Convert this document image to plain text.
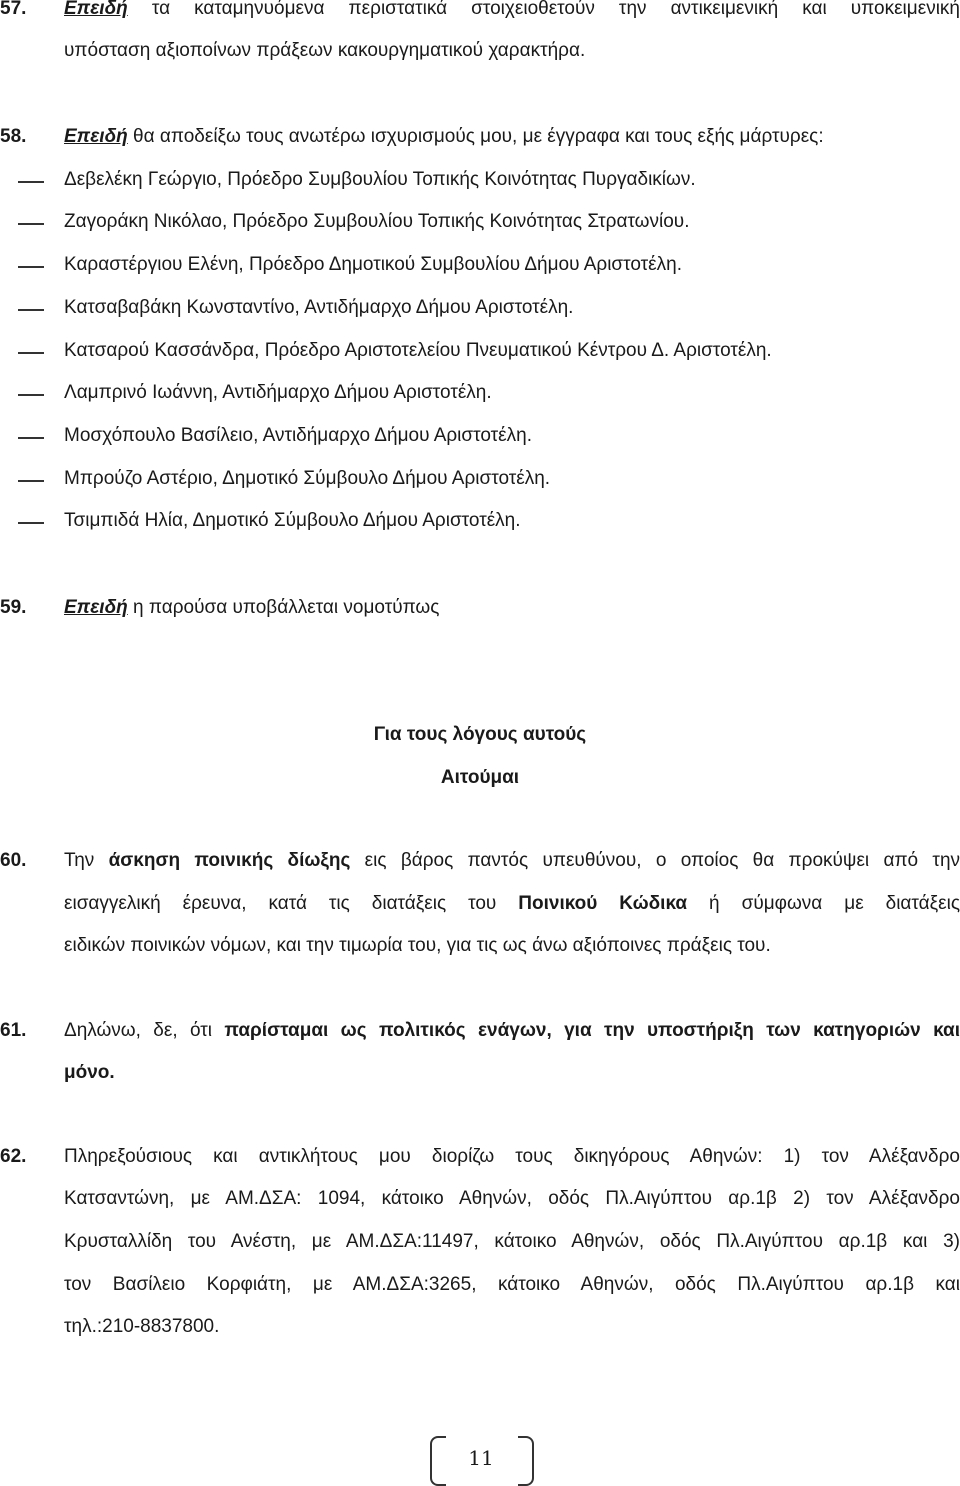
57. Επειδή τα καταμηνυόμενα περιστατικά στοιχειοθετούν την αντικειμενική και υποκειμενική
υπόσταση αξιοποίνων πράξεων κακουργηματικού χαρακτήρα.
58. Επειδή θα αποδείξω τους ανωτέρω ισχυρισμούς μου, με έγγραφα και τους εξής μάρτυρες:
Δεβελέκη Γεώργιο, Πρόεδρο Συμβουλίου Τοπικής Κοινότητας Πυργαδικίων.
Ζαγοράκη Νικόλαο, Πρόεδρο Συμβουλίου Τοπικής Κοινότητας Στρατωνίου.
Καραστέργιου Ελένη, Πρόεδρο Δημοτικού Συμβουλίου Δήμου Αριστοτέλη.
Κατσαβαβάκη Κωνσταντίνο, Αντιδήμαρχο Δήμου Αριστοτέλη.
Κατσαρού Κασσάνδρα, Πρόεδρο Αριστοτελείου Πνευματικού Κέντρου Δ. Αριστοτέλη.
Λαμπρινό Ιωάννη, Αντιδήμαρχο Δήμου Αριστοτέλη.
Μοσχόπουλο Βασίλειο, Αντιδήμαρχο Δήμου Αριστοτέλη.
Μπρούζο Αστέριο, Δημοτικό Σύμβουλο Δήμου Αριστοτέλη.
Τσιμπιδά Ηλία, Δημοτικό Σύμβουλο Δήμου Αριστοτέλη.
59. Επειδή η παρούσα υποβάλλεται νομοτύπως
Για τους λόγους αυτούς
Αιτούμαι
60. Την άσκηση ποινικής δίωξης εις βάρος παντός υπευθύνου, ο οποίος θα προκύψει από την
εισαγγελική έρευνα, κατά τις διατάξεις του Ποινικού Κώδικα ή σύμφωνα με διατάξεις
ειδικών ποινικών νόμων, και την τιμωρία του, για τις ως άνω αξιόποινες πράξεις του.
61. Δηλώνω, δε, ότι παρίσταμαι ως πολιτικός ενάγων, για την υποστήριξη των κατηγοριών και
μόνο.
62. Πληρεξούσιους και αντικλήτους μου διορίζω τους δικηγόρους Αθηνών: 1) τον Αλέξανδρο
Κατσαντώνη, με ΑΜ.ΔΣΑ: 1094, κάτοικο Αθηνών, οδός Πλ.Αιγύπτου αρ.1β 2) τον Αλέξανδρο
Κρυσταλλίδη του Ανέστη, με ΑΜ.ΔΣΑ:11497, κάτοικο Αθηνών, οδός Πλ.Αιγύπτου αρ.1β και 3)
τον Βασίλειο Κορφιάτη, με ΑΜ.ΔΣΑ:3265, κάτοικο Αθηνών, οδός Πλ.Αιγύπτου αρ.1β και
τηλ.:210-8837800.
11
